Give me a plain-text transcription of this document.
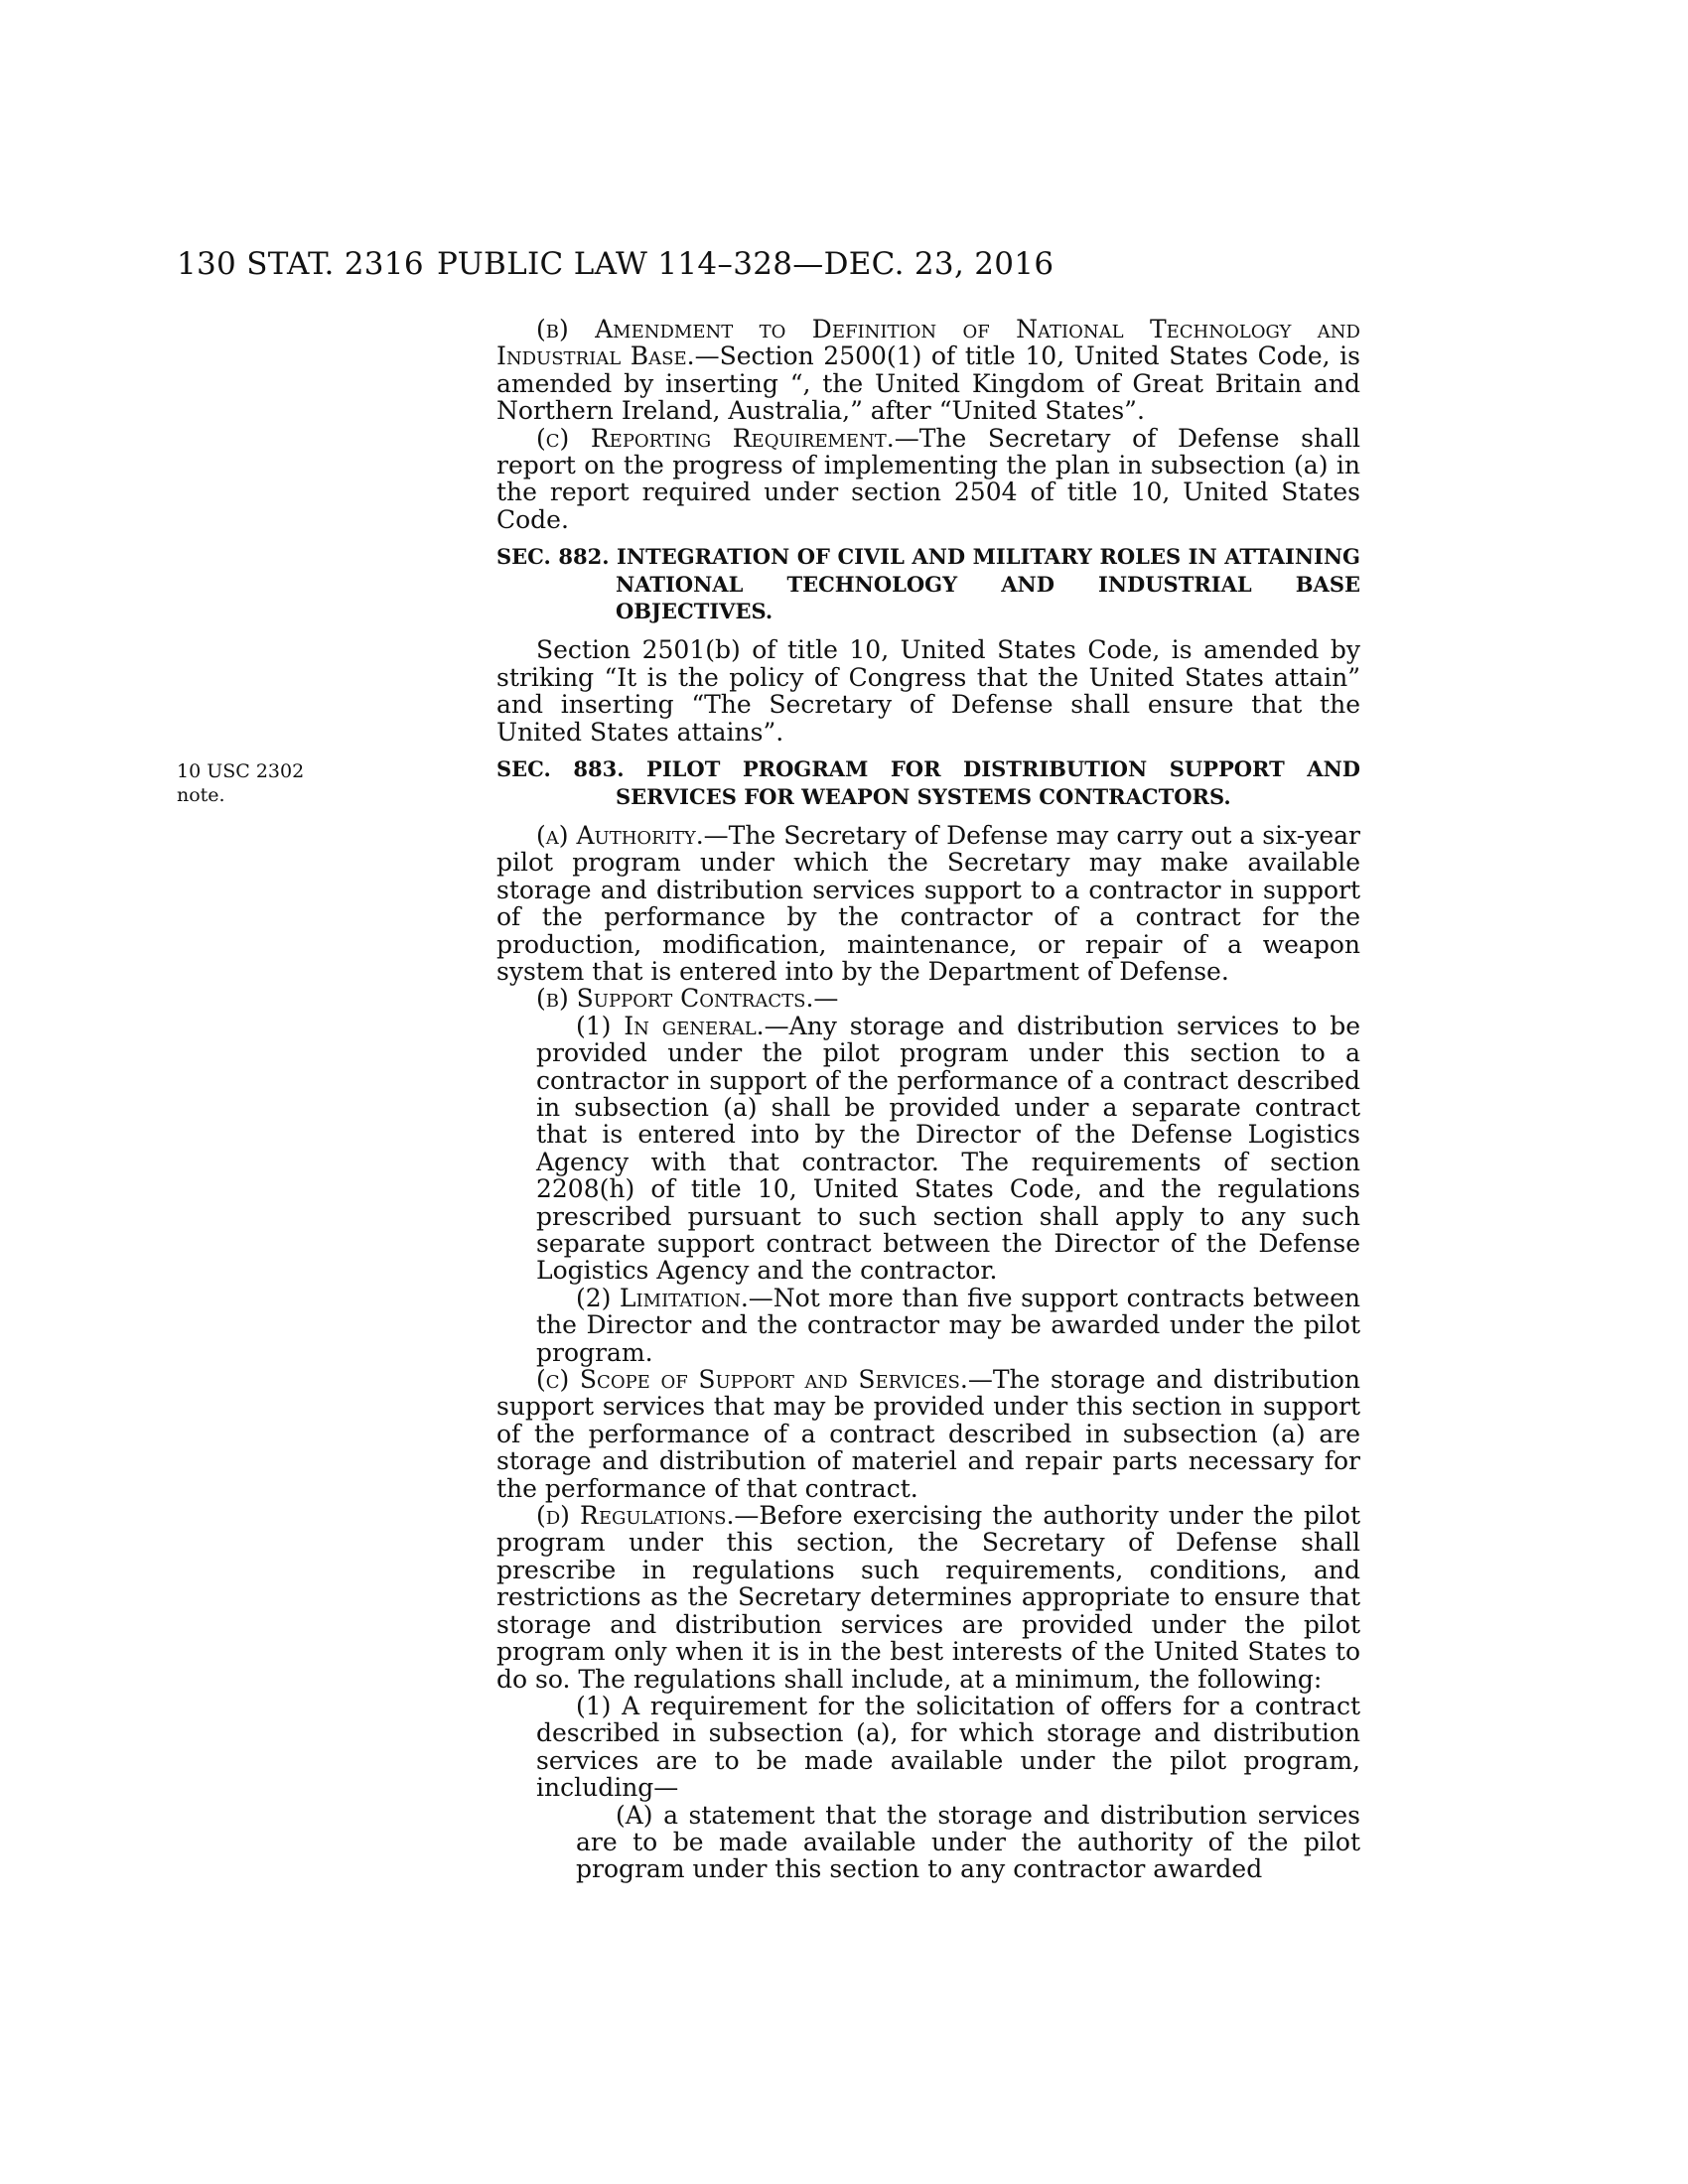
130 STAT. 2316 PUBLIC LAW 114–328—DEC. 23, 2016
10 USC 2302
note.

(b) Amendment to Definition of National Technology and Industrial Base.—Section 2500(1) of title 10, United States Code, is amended by inserting “, the United Kingdom of Great Britain and Northern Ireland, Australia,” after “United States”.

(c) Reporting Requirement.—The Secretary of Defense shall report on the progress of implementing the plan in subsection (a) in the report required under section 2504 of title 10, United States Code.

SEC. 882. INTEGRATION OF CIVIL AND MILITARY ROLES IN ATTAINING NATIONAL TECHNOLOGY AND INDUSTRIAL BASE OBJECTIVES.

Section 2501(b) of title 10, United States Code, is amended by striking “It is the policy of Congress that the United States attain” and inserting “The Secretary of Defense shall ensure that the United States attains”.

SEC. 883. PILOT PROGRAM FOR DISTRIBUTION SUPPORT AND SERVICES FOR WEAPON SYSTEMS CONTRACTORS.

(a) Authority.—The Secretary of Defense may carry out a six-year pilot program under which the Secretary may make available storage and distribution services support to a contractor in support of the performance by the contractor of a contract for the production, modification, maintenance, or repair of a weapon system that is entered into by the Department of Defense.

(b) Support Contracts.—

(1) In general.—Any storage and distribution services to be provided under the pilot program under this section to a contractor in support of the performance of a contract described in subsection (a) shall be provided under a separate contract that is entered into by the Director of the Defense Logistics Agency with that contractor. The requirements of section 2208(h) of title 10, United States Code, and the regulations prescribed pursuant to such section shall apply to any such separate support contract between the Director of the Defense Logistics Agency and the contractor.

(2) Limitation.—Not more than five support contracts between the Director and the contractor may be awarded under the pilot program.

(c) Scope of Support and Services.—The storage and distribution support services that may be provided under this section in support of the performance of a contract described in subsection (a) are storage and distribution of materiel and repair parts necessary for the performance of that contract.

(d) Regulations.—Before exercising the authority under the pilot program under this section, the Secretary of Defense shall prescribe in regulations such requirements, conditions, and restrictions as the Secretary determines appropriate to ensure that storage and distribution services are provided under the pilot program only when it is in the best interests of the United States to do so. The regulations shall include, at a minimum, the following:

(1) A requirement for the solicitation of offers for a contract described in subsection (a), for which storage and distribution services are to be made available under the pilot program, including—

(A) a statement that the storage and distribution services are to be made available under the authority of the pilot program under this section to any contractor awarded
